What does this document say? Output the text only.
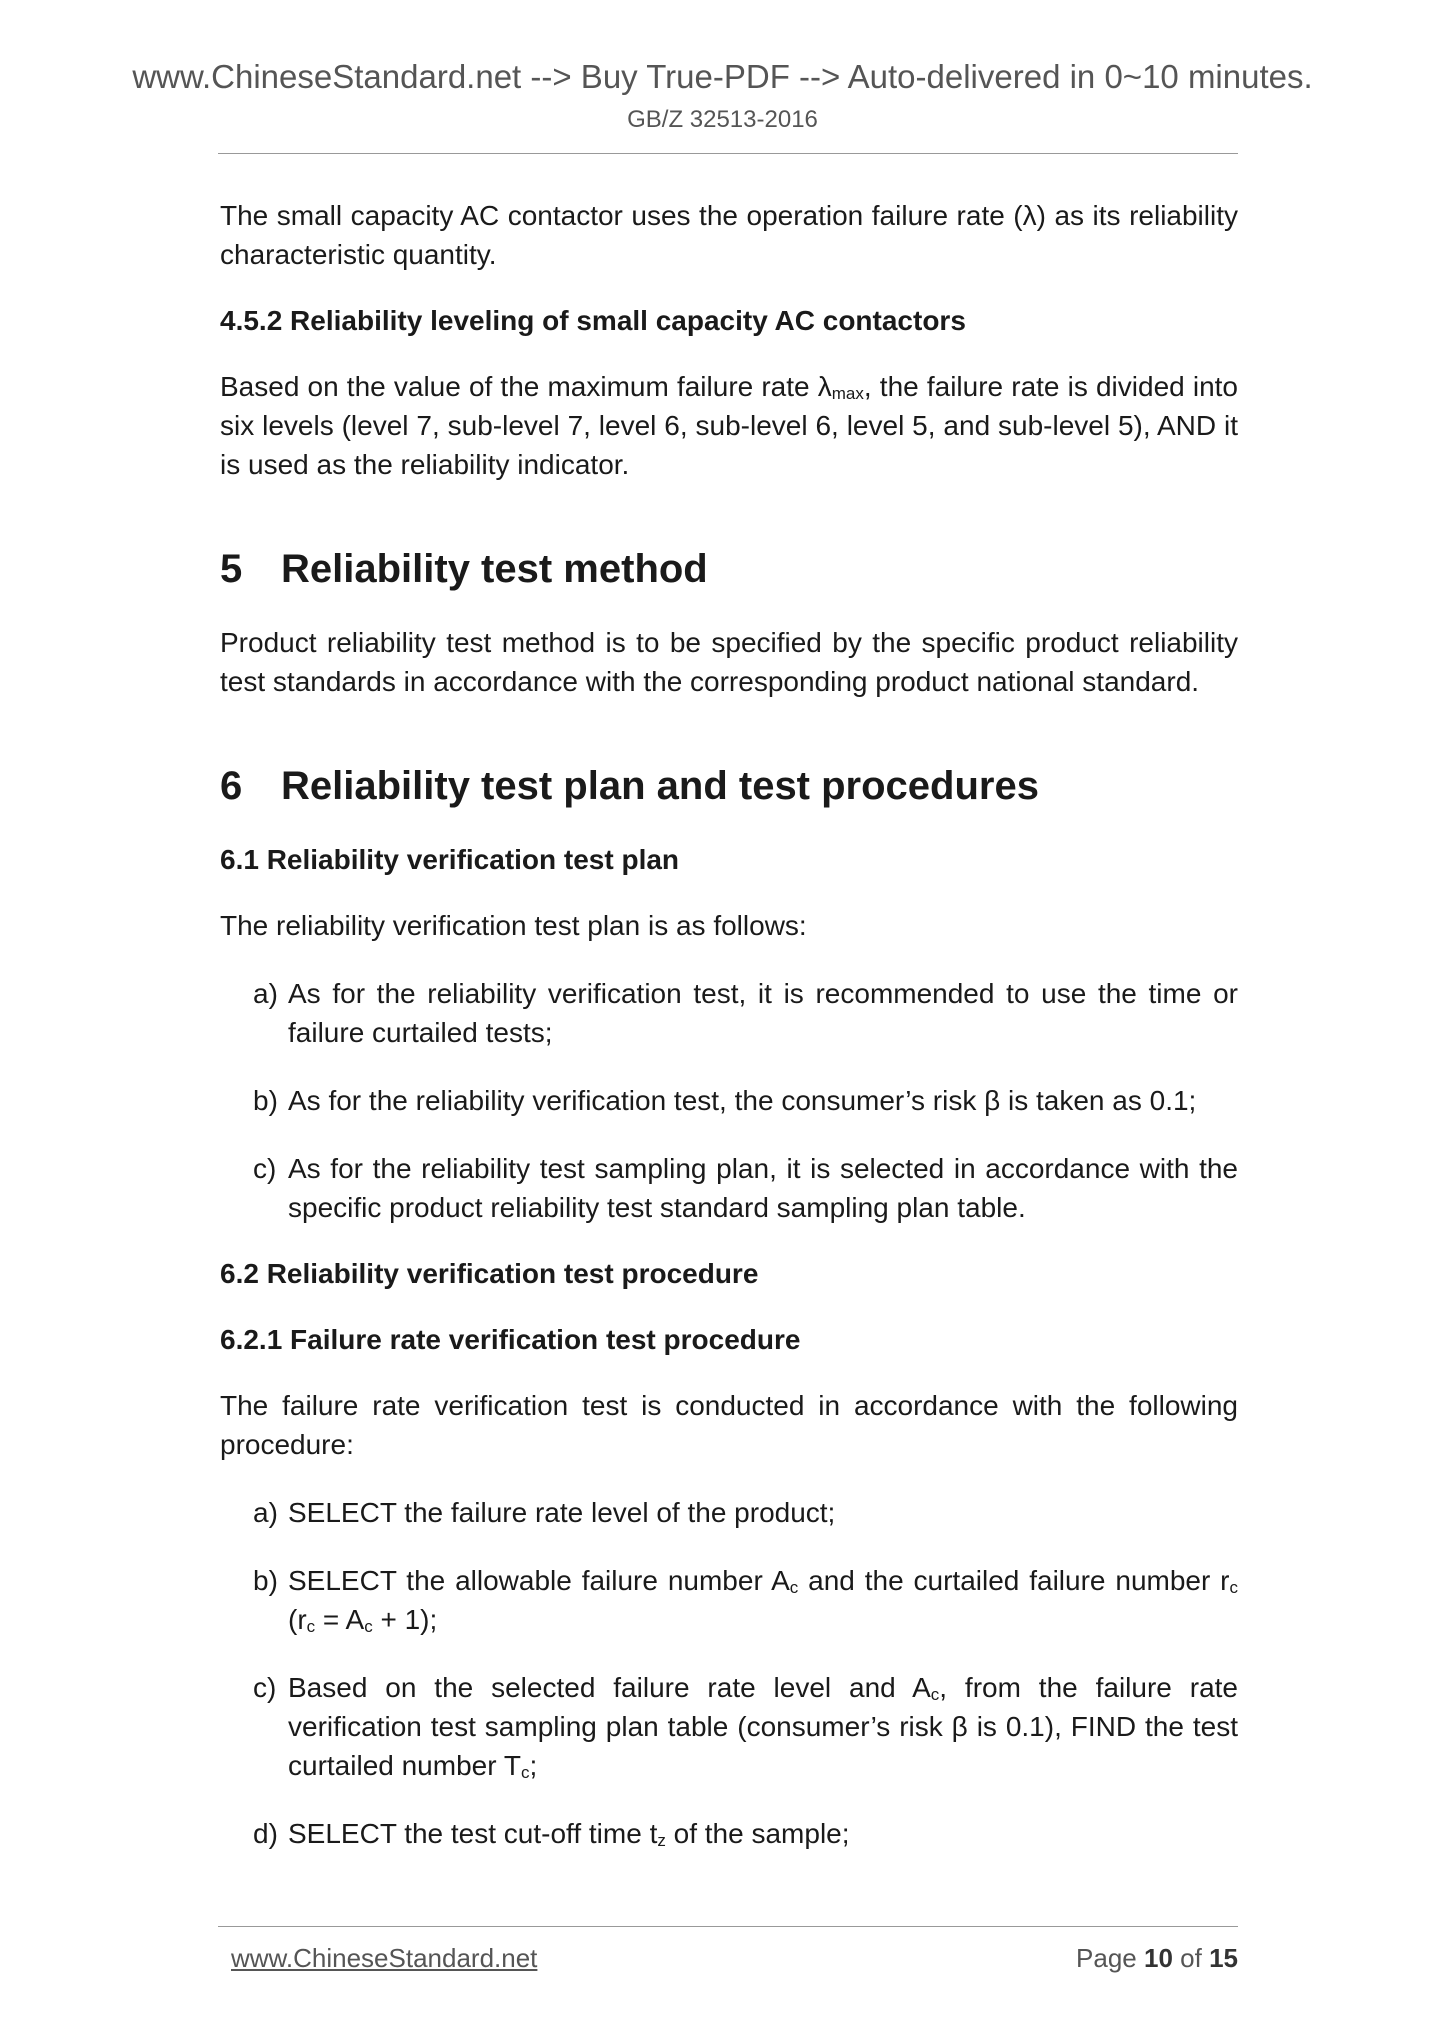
www.ChineseStandard.net --> Buy True-PDF --> Auto-delivered in 0~10 minutes.
GB/Z 32513-2016

The small capacity AC contactor uses the operation failure rate (λ) as its reliability characteristic quantity.

4.5.2 Reliability leveling of small capacity AC contactors

Based on the value of the maximum failure rate $\lambda_{max}$, the failure rate is divided into six levels (level 7, sub-level 7, level 6, sub-level 6, level 5, and sub-level 5), AND it is used as the reliability indicator.

5 Reliability test method

Product reliability test method is to be specified by the specific product reliability test standards in accordance with the corresponding product national standard.

6 Reliability test plan and test procedures
6.1 Reliability verification test plan

The reliability verification test plan is as follows:

a) As for the reliability verification test, it is recommended to use the time or failure curtailed tests;
b) As for the reliability verification test, the consumer’s risk β is taken as 0.1;
c) As for the reliability test sampling plan, it is selected in accordance with the specific product reliability test standard sampling plan table.
6.2 Reliability verification test procedure
6.2.1 Failure rate verification test procedure

The failure rate verification test is conducted in accordance with the following procedure:

a) SELECT the failure rate level of the product;
b) SELECT the allowable failure number $A_c$ and the curtailed failure number $r_c$ $(r_c = A_c + 1)$;
c) Based on the selected failure rate level and $A_c$, from the failure rate verification test sampling plan table (consumer’s risk β is 0.1), FIND the test curtailed number $T_c$;
d) SELECT the test cut-off time $t_z$ of the sample;
www.ChineseStandard.net	Page 10 of 15
